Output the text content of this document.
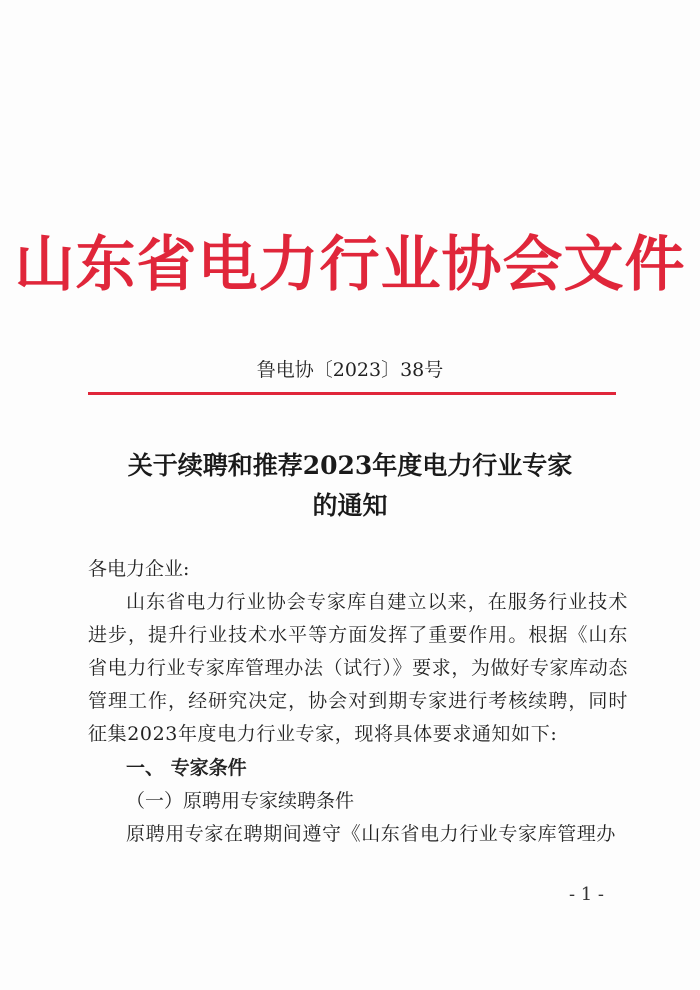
山东省电力行业协会文件
鲁电协〔2023〕38号
关于续聘和推荐2023年度电力行业专家
的通知
各电力企业:
山东省电力行业协会专家库自建立以来，在服务行业技术进步，提升行业技术水平等方面发挥了重要作用。根据《山东省电力行业专家库管理办法（试行）》要求，为做好专家库动态管理工作，经研究决定，协会对到期专家进行考核续聘，同时征集2023年度电力行业专家，现将具体要求通知如下:
一、 专家条件
（一）原聘用专家续聘条件
原聘用专家在聘期间遵守《山东省电力行业专家库管理办
- 1 -
